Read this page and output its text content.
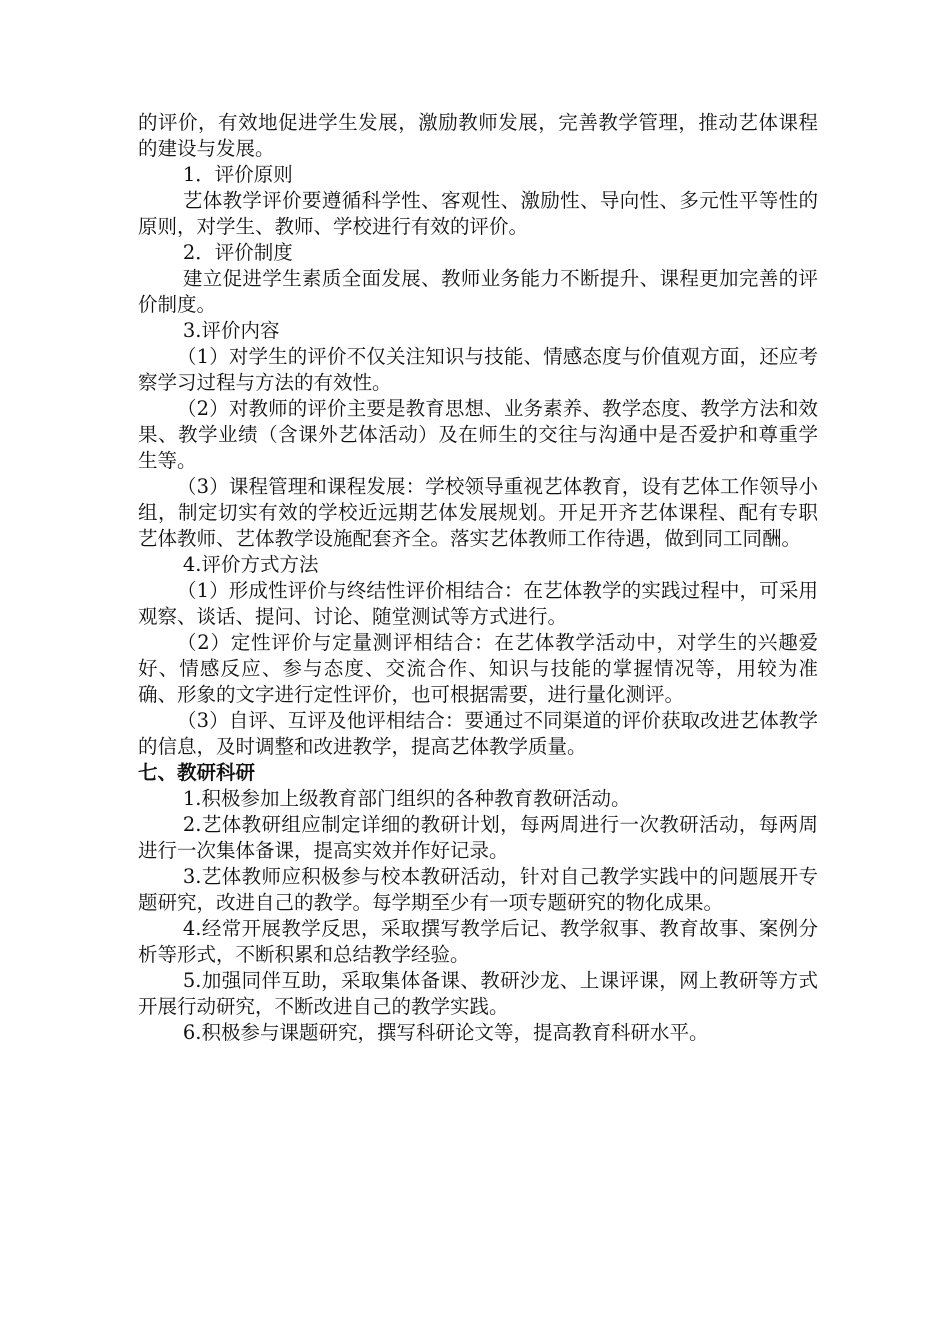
的评价，有效地促进学生发展，激励教师发展，完善教学管理，推动艺体课程的建设与发展。

1．评价原则

艺体教学评价要遵循科学性、客观性、激励性、导向性、多元性平等性的原则，对学生、教师、学校进行有效的评价。

2．评价制度

建立促进学生素质全面发展、教师业务能力不断提升、课程更加完善的评价制度。

3.评价内容

（1）对学生的评价不仅关注知识与技能、情感态度与价值观方面，还应考察学习过程与方法的有效性。

（2）对教师的评价主要是教育思想、业务素养、教学态度、教学方法和效果、教学业绩（含课外艺体活动）及在师生的交往与沟通中是否爱护和尊重学生等。

（3）课程管理和课程发展：学校领导重视艺体教育，设有艺体工作领导小组，制定切实有效的学校近远期艺体发展规划。开足开齐艺体课程、配有专职艺体教师、艺体教学设施配套齐全。落实艺体教师工作待遇，做到同工同酬。

4.评价方式方法

（1）形成性评价与终结性评价相结合：在艺体教学的实践过程中，可采用观察、谈话、提问、讨论、随堂测试等方式进行。

（2）定性评价与定量测评相结合：在艺体教学活动中，对学生的兴趣爱好、情感反应、参与态度、交流合作、知识与技能的掌握情况等，用较为准确、形象的文字进行定性评价，也可根据需要，进行量化测评。

（3）自评、互评及他评相结合：要通过不同渠道的评价获取改进艺体教学的信息，及时调整和改进教学，提高艺体教学质量。

七、教研科研

1.积极参加上级教育部门组织的各种教育教研活动。

2.艺体教研组应制定详细的教研计划，每两周进行一次教研活动，每两周进行一次集体备课，提高实效并作好记录。

3.艺体教师应积极参与校本教研活动，针对自己教学实践中的问题展开专题研究，改进自己的教学。每学期至少有一项专题研究的物化成果。

4.经常开展教学反思，采取撰写教学后记、教学叙事、教育故事、案例分析等形式，不断积累和总结教学经验。

5.加强同伴互助，采取集体备课、教研沙龙、上课评课，网上教研等方式开展行动研究，不断改进自己的教学实践。

6.积极参与课题研究，撰写科研论文等，提高教育科研水平。
